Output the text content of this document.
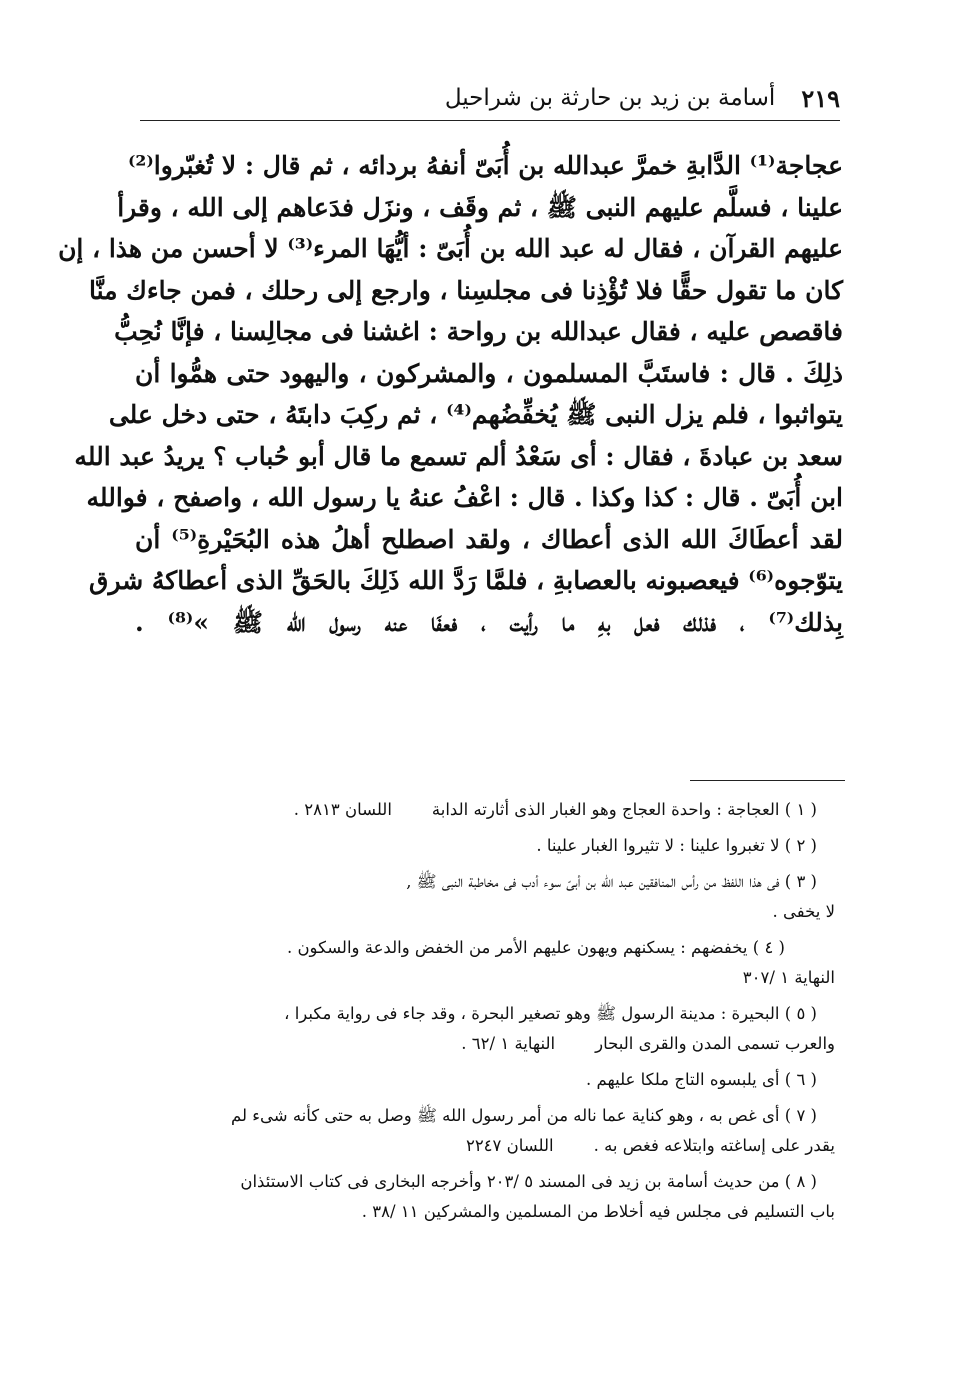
٢١٩
أسامة بن زيد بن حارثة بن شراحيل
عجاجة⁽¹⁾ الدَّابةِ خمرَّ عبدالله بن أُبَىّ أنفهُ بردائه ، ثم قال : لا تُغبّروا⁽²⁾
علينا ، فسلَّم عليهم النبى ﷺ ، ثم وقَف ، ونزَل فدَعاهم إلى الله ، وقرأ
عليهم القرآن ، فقال له عبد الله بن أُبَىّ : أيُّهَا المرء⁽³⁾ لا أحسن من هذا ، إن
كان ما تقول حقًّا فلا تُؤْذِنا فى مجلسِنا ، وارجع إلى رحلك ، فمن جاءك منَّا
فاقصص عليه ، فقال عبدالله بن رواحة : اغشنا فى مجالِسنا ، فإنَّا نُحِبُّ
ذلِكَ . قال : فاستَبَّ المسلمون ، والمشركون ، واليهود حتى همُّوا أن
يتواثبوا ، فلم يزل النبى ﷺ يُخفِّضُهم⁽⁴⁾ ، ثم ركِبَ دابتَهُ ، حتى دخل على
سعد بن عبادةَ ، فقال : أى سَعْدُ ألم تسمع ما قال أبو حُباب ؟ يريدُ عبد الله
ابن أُبَىّ . قال : كذا وكذا . قال : اعْفُ عنهُ يا رسول الله ، واصفح ، فوالله
لقد أعطَاكَ الله الذى أعطاك ، ولقد اصطلح أهلُ هذه البُحَيْرةِ⁽⁵⁾ أن
يتوّجوه⁽⁶⁾ فيعصبونه بالعصابةِ ، فلمَّا رَدَّ الله ذَلِكَ بالحَقِّ الذى أعطاكهُ شرق
بِذلك⁽⁷⁾ ، فذلك فعل بهِ ما رأيت ، فعفَا عنه رسول الله ﷺ »⁽⁸⁾ .
( ١ ) العجاجة : واحدة العجاج وهو الغبار الذى أثارته الدابةاللسان ٢٨١٣ .
( ٢ ) لا تغبروا علينا : لا تثيروا الغبار علينا .
( ٣ ) فى هذا اللفظ من رأس المنافقين عبد الله بن أبىّ سوء أدب فى مخاطبة النبى ﷺ ,
لا يخفى .
( ٤ ) يخفضهم : يسكنهم ويهون عليهم الأمر من الخفض والدعة والسكون .
النهاية ١ /٣٠٧
( ٥ ) البحيرة : مدينة الرسول ﷺ وهو تصغير البحرة ، وقد جاء فى رواية مكبرا ،
والعرب تسمى المدن والقرى البحارالنهاية ١ /٦٢ .
( ٦ ) أى يلبسوه التاج ملكا عليهم .
( ٧ ) أى غص به ، وهو كناية عما ناله من أمر رسول الله ﷺ وصل به حتى كأنه شىء لم
يقدر على إساغته وابتلاعه فغص به .اللسان ٢٢٤٧
( ٨ ) من حديث أسامة بن زيد فى المسند ٥ /٢٠٣ وأخرجه البخارى فى كتاب الاستئذان
باب التسليم فى مجلس فيه أخلاط من المسلمين والمشركين ١١ /٣٨ .
